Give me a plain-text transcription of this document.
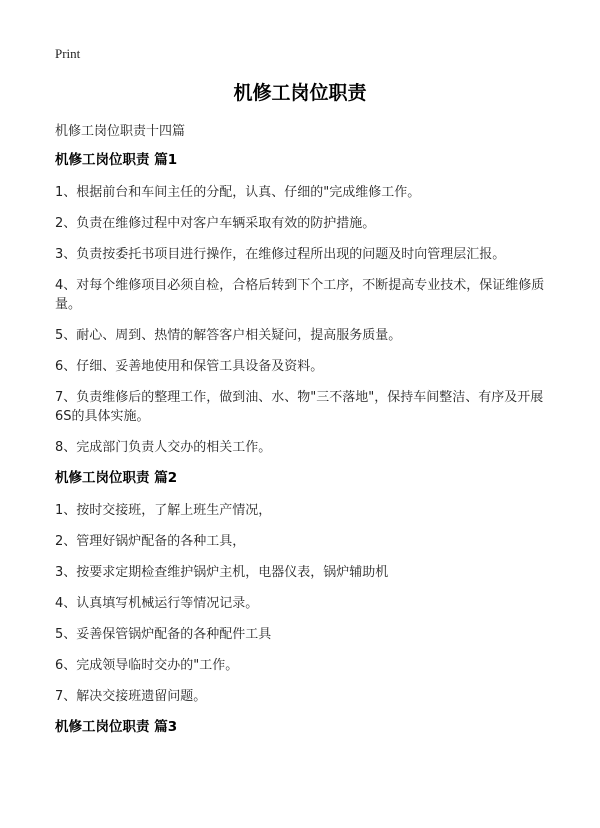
Print
机修工岗位职责
机修工岗位职责十四篇
机修工岗位职责 篇1
1、根据前台和车间主任的分配，认真、仔细的"完成维修工作。
2、负责在维修过程中对客户车辆采取有效的防护措施。
3、负责按委托书项目进行操作，在维修过程所出现的问题及时向管理层汇报。
4、对每个维修项目必须自检，合格后转到下个工序，不断提高专业技术，保证维修质量。
5、耐心、周到、热情的解答客户相关疑问，提高服务质量。
6、仔细、妥善地使用和保管工具设备及资料。
7、负责维修后的整理工作，做到油、水、物"三不落地"，保持车间整洁、有序及开展6S的具体实施。
8、完成部门负责人交办的相关工作。
机修工岗位职责 篇2
1、按时交接班，了解上班生产情况，
2、管理好锅炉配备的各种工具，
3、按要求定期检查维护锅炉主机，电器仪表，锅炉辅助机
4、认真填写机械运行等情况记录。
5、妥善保管锅炉配备的各种配件工具
6、完成领导临时交办的"工作。
7、解决交接班遗留问题。
机修工岗位职责 篇3
